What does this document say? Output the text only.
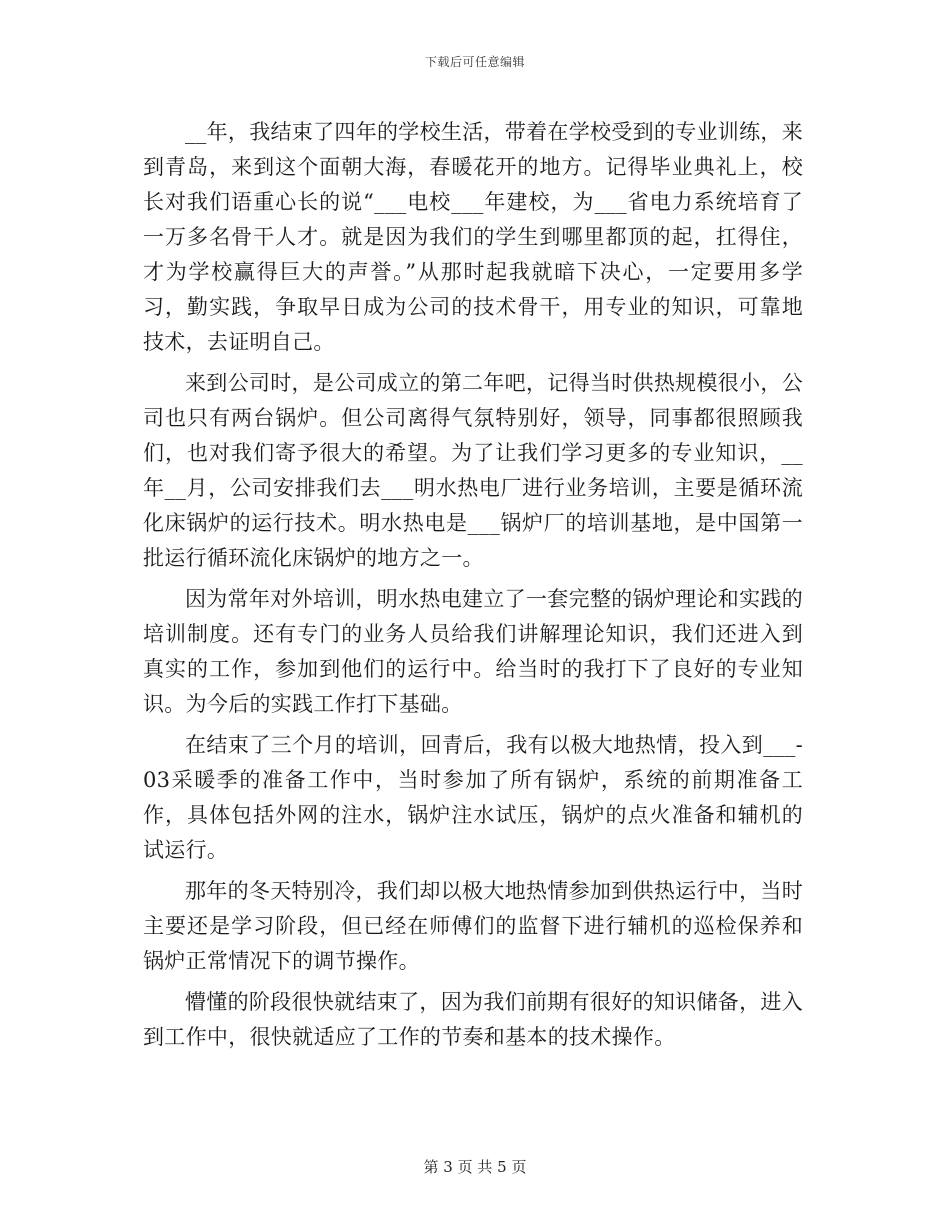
下载后可任意编辑

__年，我结束了四年的学校生活，带着在学校受到的专业训练，来到青岛，来到这个面朝大海，春暖花开的地方。记得毕业典礼上，校长对我们语重心长的说“___电校___年建校，为___省电力系统培育了一万多名骨干人才。就是因为我们的学生到哪里都顶的起，扛得住，才为学校赢得巨大的声誉。”从那时起我就暗下决心，一定要用多学习，勤实践，争取早日成为公司的技术骨干，用专业的知识，可靠地技术，去证明自己。

来到公司时，是公司成立的第二年吧，记得当时供热规模很小，公司也只有两台锅炉。但公司离得气氛特别好，领导，同事都很照顾我们，也对我们寄予很大的希望。为了让我们学习更多的专业知识，__年__月，公司安排我们去___明水热电厂进行业务培训，主要是循环流化床锅炉的运行技术。明水热电是___锅炉厂的培训基地，是中国第一批运行循环流化床锅炉的地方之一。

因为常年对外培训，明水热电建立了一套完整的锅炉理论和实践的培训制度。还有专门的业务人员给我们讲解理论知识，我们还进入到真实的工作，参加到他们的运行中。给当时的我打下了良好的专业知识。为今后的实践工作打下基础。

在结束了三个月的培训，回青后，我有以极大地热情，投入到___-03采暖季的准备工作中，当时参加了所有锅炉，系统的前期准备工作，具体包括外网的注水，锅炉注水试压，锅炉的点火准备和辅机的试运行。

那年的冬天特别冷，我们却以极大地热情参加到供热运行中，当时主要还是学习阶段，但已经在师傅们的监督下进行辅机的巡检保养和锅炉正常情况下的调节操作。

懵懂的阶段很快就结束了，因为我们前期有很好的知识储备，进入到工作中，很快就适应了工作的节奏和基本的技术操作。

第 3 页 共 5 页
